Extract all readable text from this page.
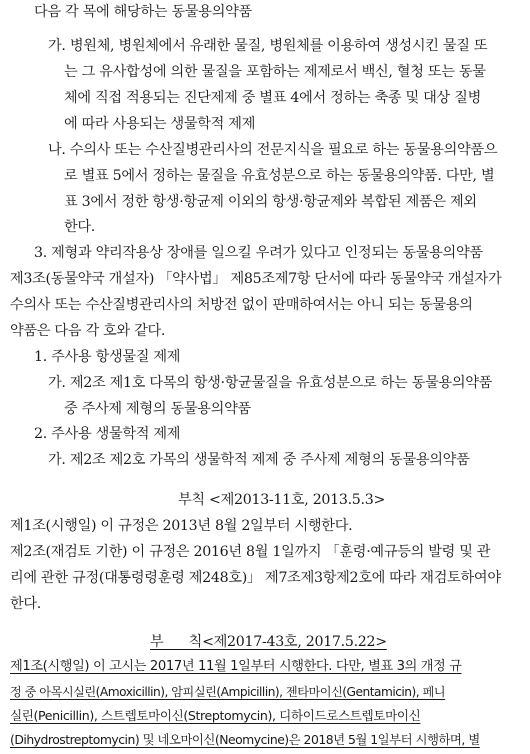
다음 각 목에 해당하는 동물용의약품
가. 병원체, 병원체에서 유래한 물질, 병원체를 이용하여 생성시킨 물질 또
는 그 유사합성에 의한 물질을 포함하는 제제로서 백신, 혈청 또는 동물
체에 직접 적용되는 진단제제 중 별표 4에서 정하는 축종 및 대상 질병
에 따라 사용되는 생물학적 제제
나. 수의사 또는 수산질병관리사의 전문지식을 필요로 하는 동물용의약품으
로 별표 5에서 정하는 물질을 유효성분으로 하는 동물용의약품. 다만, 별
표 3에서 정한 항생·항균제 이외의 항생·항균제와 복합된 제품은 제외
한다.
3. 제형과 약리작용상 장애를 일으킬 우려가 있다고 인정되는 동물용의약품
제3조(동물약국 개설자) 「약사법」 제85조제7항 단서에 따라 동물약국 개설자가
수의사 또는 수산질병관리사의 처방전 없이 판매하여서는 아니 되는 동물용의
약품은 다음 각 호와 같다.
1. 주사용 항생물질 제제
가. 제2조 제1호 다목의 항생·항균물질을 유효성분으로 하는 동물용의약품
중 주사제 제형의 동물용의약품
2. 주사용 생물학적 제제
가. 제2조 제2호 가목의 생물학적 제제 중 주사제 제형의 동물용의약품
부칙 <제2013-11호, 2013.5.3>
제1조(시행일) 이 규정은 2013년 8월 2일부터 시행한다.
제2조(재검토 기한) 이 규정은 2016년 8월 1일까지 「훈령·예규등의 발령 및 관
리에 관한 규정(대통령령훈령 제248호)」 제7조제3항제2호에 따라 재검토하여야
한다.
부      칙<제2017-43호, 2017.5.22>
제1조(시행일) 이 고시는 2017년 11월 1일부터 시행한다. 다만, 별표 3의 개정 규
정 중 아목시실린(Amoxicillin), 암피실린(Ampicillin), 젠타마이신(Gentamicin), 페니
실린(Penicillin), 스트렙토마이신(Streptomycin), 디하이드로스트렙토마이신
(Dihydrostreptomycin) 및 네오마이신(Neomycine)은 2018년 5월 1일부터 시행하며, 별
